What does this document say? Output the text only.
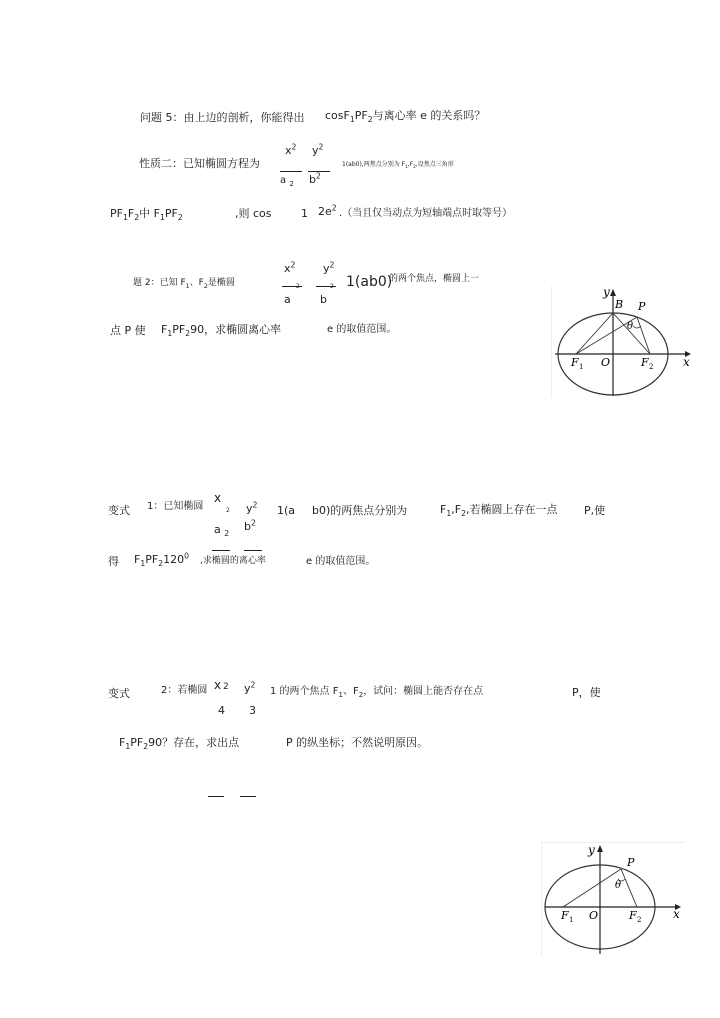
问题 5：由上边的剖析，你能得出 $\cos F_1PF_2$与离心率 e 的关系吗？
性质二：已知椭圆方程为
$x^2$ $y^2$
a $_2$ $b^2$
1(ab0),两焦点分别为 $F_1,F_2$,设焦点三角形
$PF_1F_2$中 $F_1PF_2$	,则 cos	1 $2e^2$
.（当且仅当动点为短轴端点时取等号）
题 2：已知 $F_1$、$F_2$是椭圆
$x^2$	$y^2$
2	2
a	b
1(ab0)
的两个焦点，椭圆上一
点 P 使 $F_1PF_290$，求椭圆离心率	e 的取值范围。
y
x
B P
θ
O
F 1	F 2
变式 1：已知椭圆
x
2 $y^2$ 1(a b0)的两焦点分别为	$F_1,F_2$,若椭圆上存在一点 P,使
a $_2$
$b^2$
得 $F_1PF_2120^0$
,求椭圆的离心率	e 的取值范围。
变式	2：若椭圆 x 2 $y^2$
1 的两个焦点 $F_1$、$F_2$，试问：椭圆上能否存在点	P，使
4 3
$F_1PF_290$？存在，求出点	P 的纵坐标；不然说明原因。
y
x
P
θ
O
F 1	F 2
